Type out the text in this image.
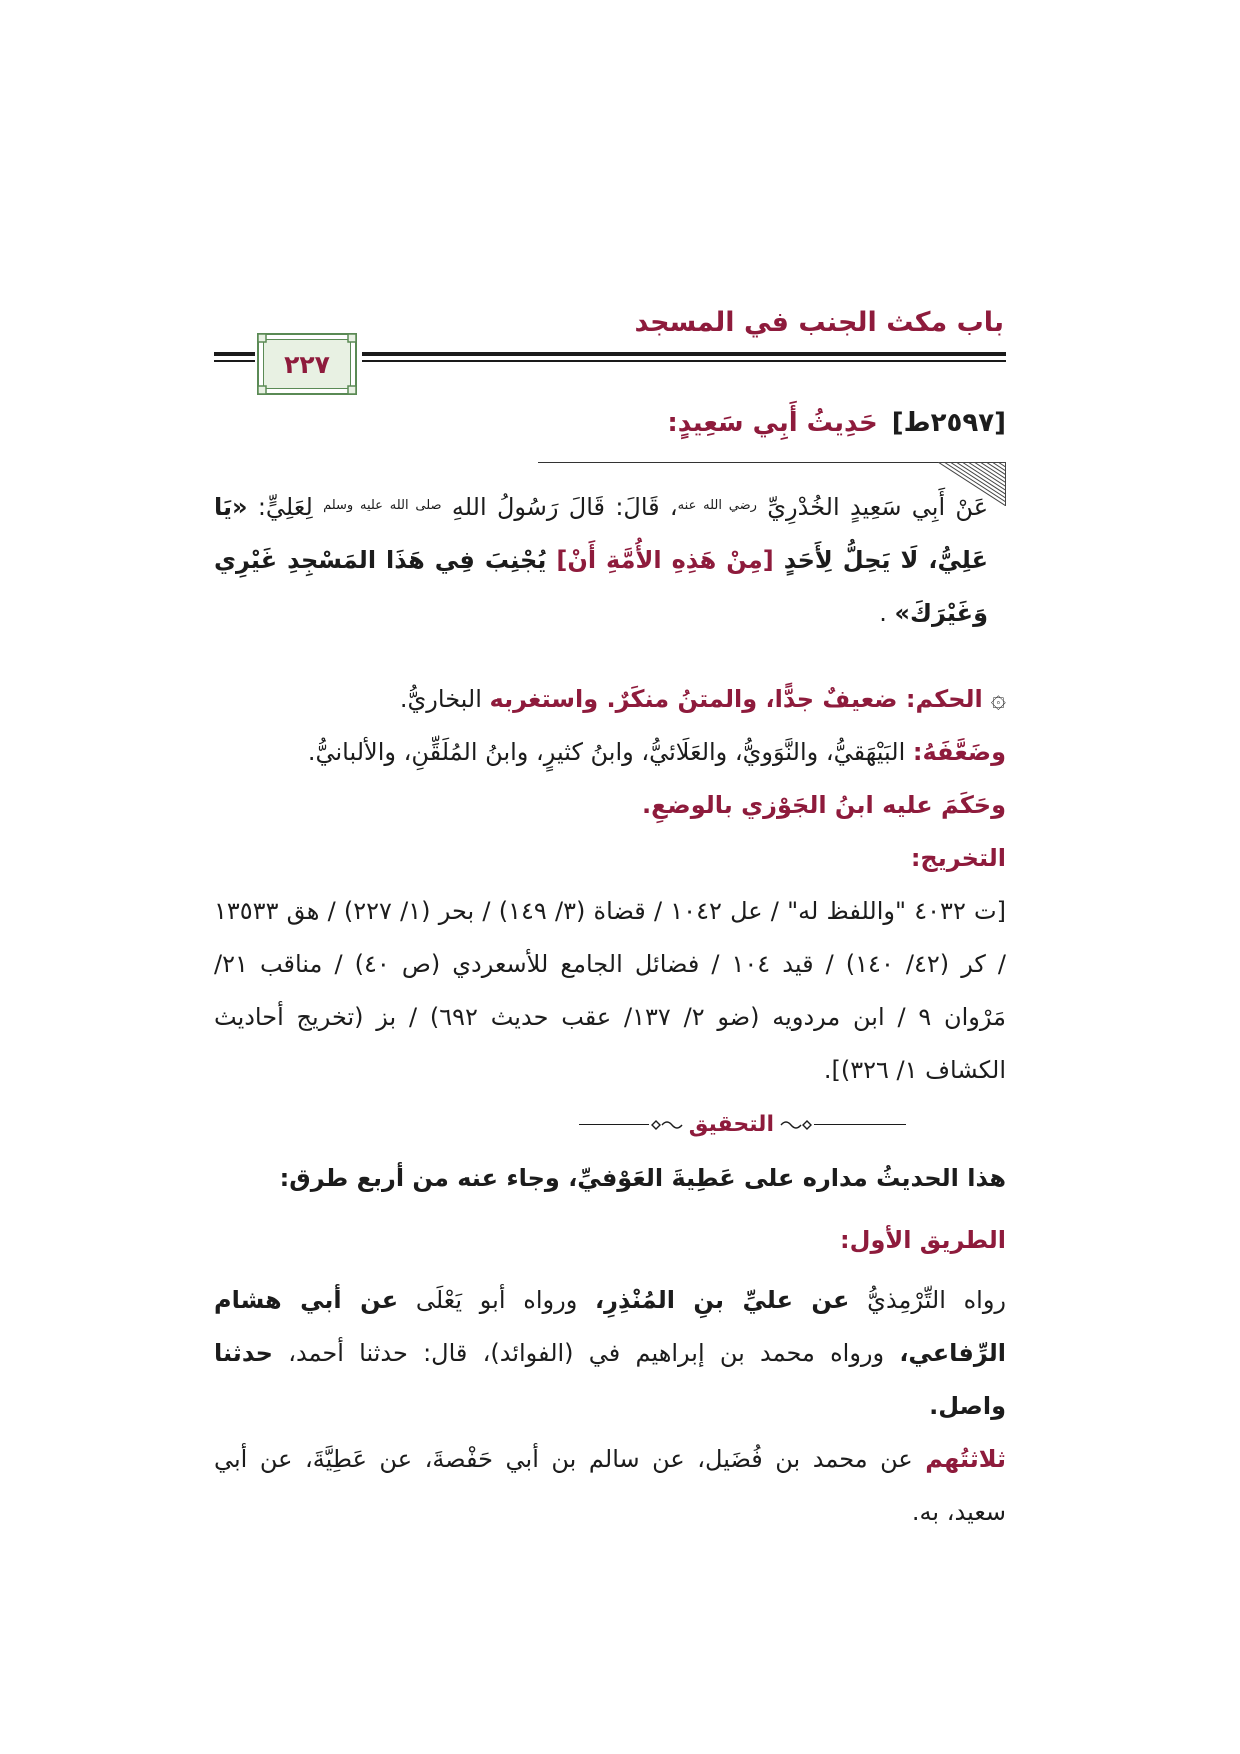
باب مكث الجنب في المسجد
٢٢٧
[٢٥٩٧ط]حَدِيثُ أَبِي سَعِيدٍ:

عَنْ أَبِي سَعِيدٍ الخُدْرِيِّ $^{رضي الله عنه}$، قَالَ: قَالَ رَسُولُ اللهِ $^{صلى الله عليه وسلم}$ لِعَلِيٍّ: «يَا عَلِيُّ، لَا يَحِلُّ لِأَحَدٍ [مِنْ هَذِهِ الأُمَّةِ أَنْ] يُجْنِبَ فِي هَذَا المَسْجِدِ غَيْرِي وَغَيْرَكَ» .

۞الحكم: ضعيفٌ جدًّا، والمتنُ منكَرٌ. واستغربه البخاريُّ.

وضَعَّفَهُ: البَيْهَقيُّ، والنَّوَويُّ، والعَلَائيُّ، وابنُ كثيرٍ، وابنُ المُلَقِّنِ، والألبانيُّ.

وحَكَمَ عليه ابنُ الجَوْزي بالوضعِ.

التخريج:

[ت ٤٠٣٢ "واللفظ له" / عل ١٠٤٢ / قضاة (٣/ ١٤٩) / بحر (١/ ٢٢٧) / هق ١٣٥٣٣ / كر (٤٢/ ١٤٠) / قيد ١٠٤ / فضائل الجامع للأسعردي (ص ٤٠) / مناقب ٢١/ مَرْوان ٩ / ابن مردويه (ضو ٢/ ١٣٧/ عقب حديث ٦٩٢) / بز (تخريج أحاديث الكشاف ١/ ٣٢٦)].

التحقيق

هذا الحديثُ مداره على عَطِيةَ العَوْفيِّ، وجاء عنه من أربع طرق:

الطريق الأول:

رواه التِّرْمِذيُّ عن عليِّ بنِ المُنْذِرِ، ورواه أبو يَعْلَى عن أبي هشام الرِّفاعي، ورواه محمد بن إبراهيم في (الفوائد)، قال: حدثنا أحمد، حدثنا واصل.

ثلاثتُهم عن محمد بن فُضَيل، عن سالم بن أبي حَفْصةَ، عن عَطِيَّةَ، عن أبي سعيد، به.
